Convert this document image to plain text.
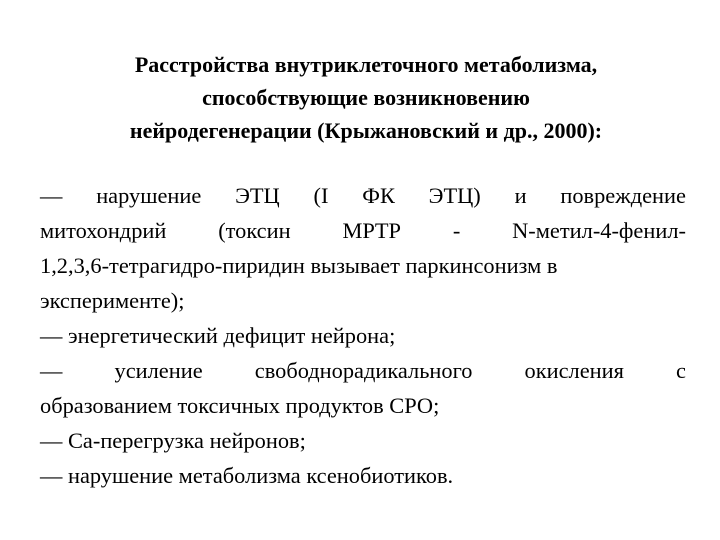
Расстройства внутриклеточного метаболизма,
способствующие возникновению
нейродегенерации (Крыжановский и др., 2000):
— нарушение ЭТЦ (I ФК ЭТЦ) и повреждение
митохондрий (токсин MPTP - N-метил-4-фенил-
1,2,3,6-тетрагидро-пиридин вызывает паркинсонизм в
эксперименте);
— энергетический дефицит нейрона;
— усиление свободнорадикального окисления с
образованием токсичных продуктов СРО;
— Са-перегрузка нейронов;
— нарушение метаболизма ксенобиотиков.
